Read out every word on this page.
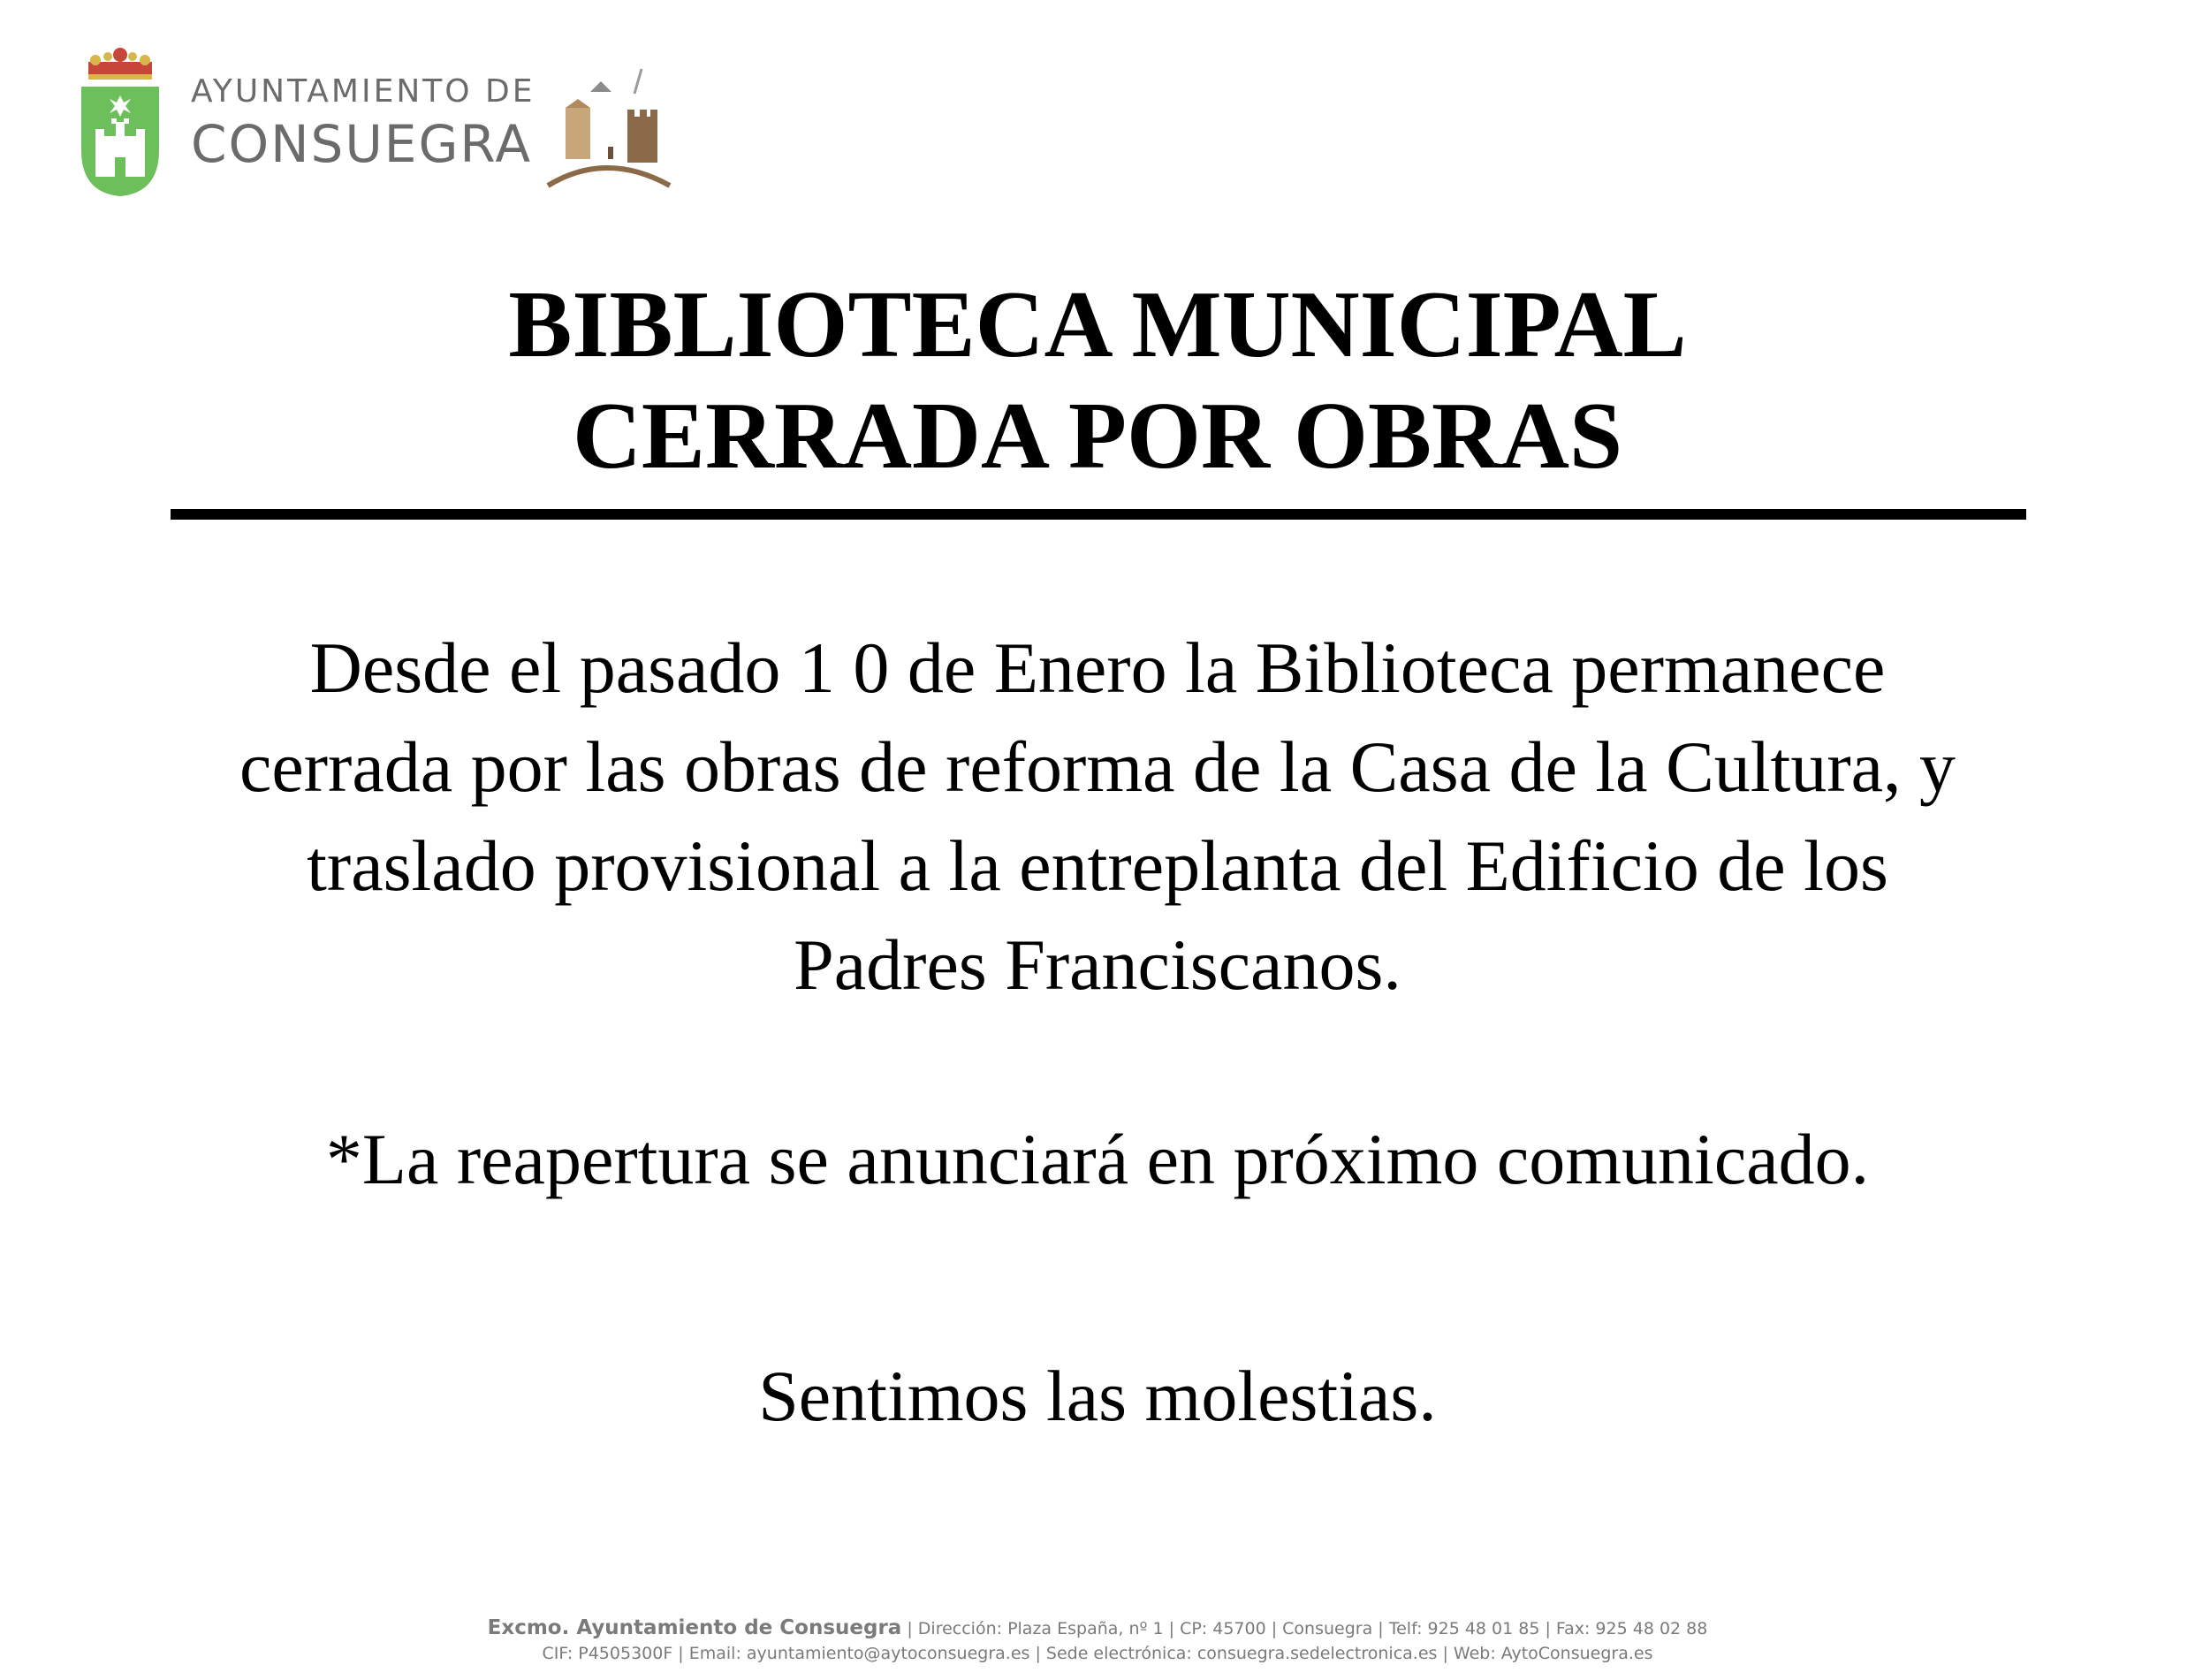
AYUNTAMIENTO DE
CONSUEGRA
BIBLIOTECA MUNICIPAL
CERRADA POR OBRAS
Desde el pasado 1 0 de Enero la Biblioteca permanece
cerrada por las obras de reforma de la Casa de la Cultura, y
traslado provisional a la entreplanta del Edificio de los
Padres Franciscanos.
*La reapertura se anunciará en próximo comunicado.
Sentimos las molestias.
Excmo. Ayuntamiento de Consuegra | Dirección: Plaza España, nº 1 | CP: 45700 | Consuegra | Telf: 925 48 01 85 | Fax: 925 48 02 88
CIF: P4505300F | Email: ayuntamiento@aytoconsuegra.es | Sede electrónica: consuegra.sedelectronica.es | Web: AytoConsuegra.es
